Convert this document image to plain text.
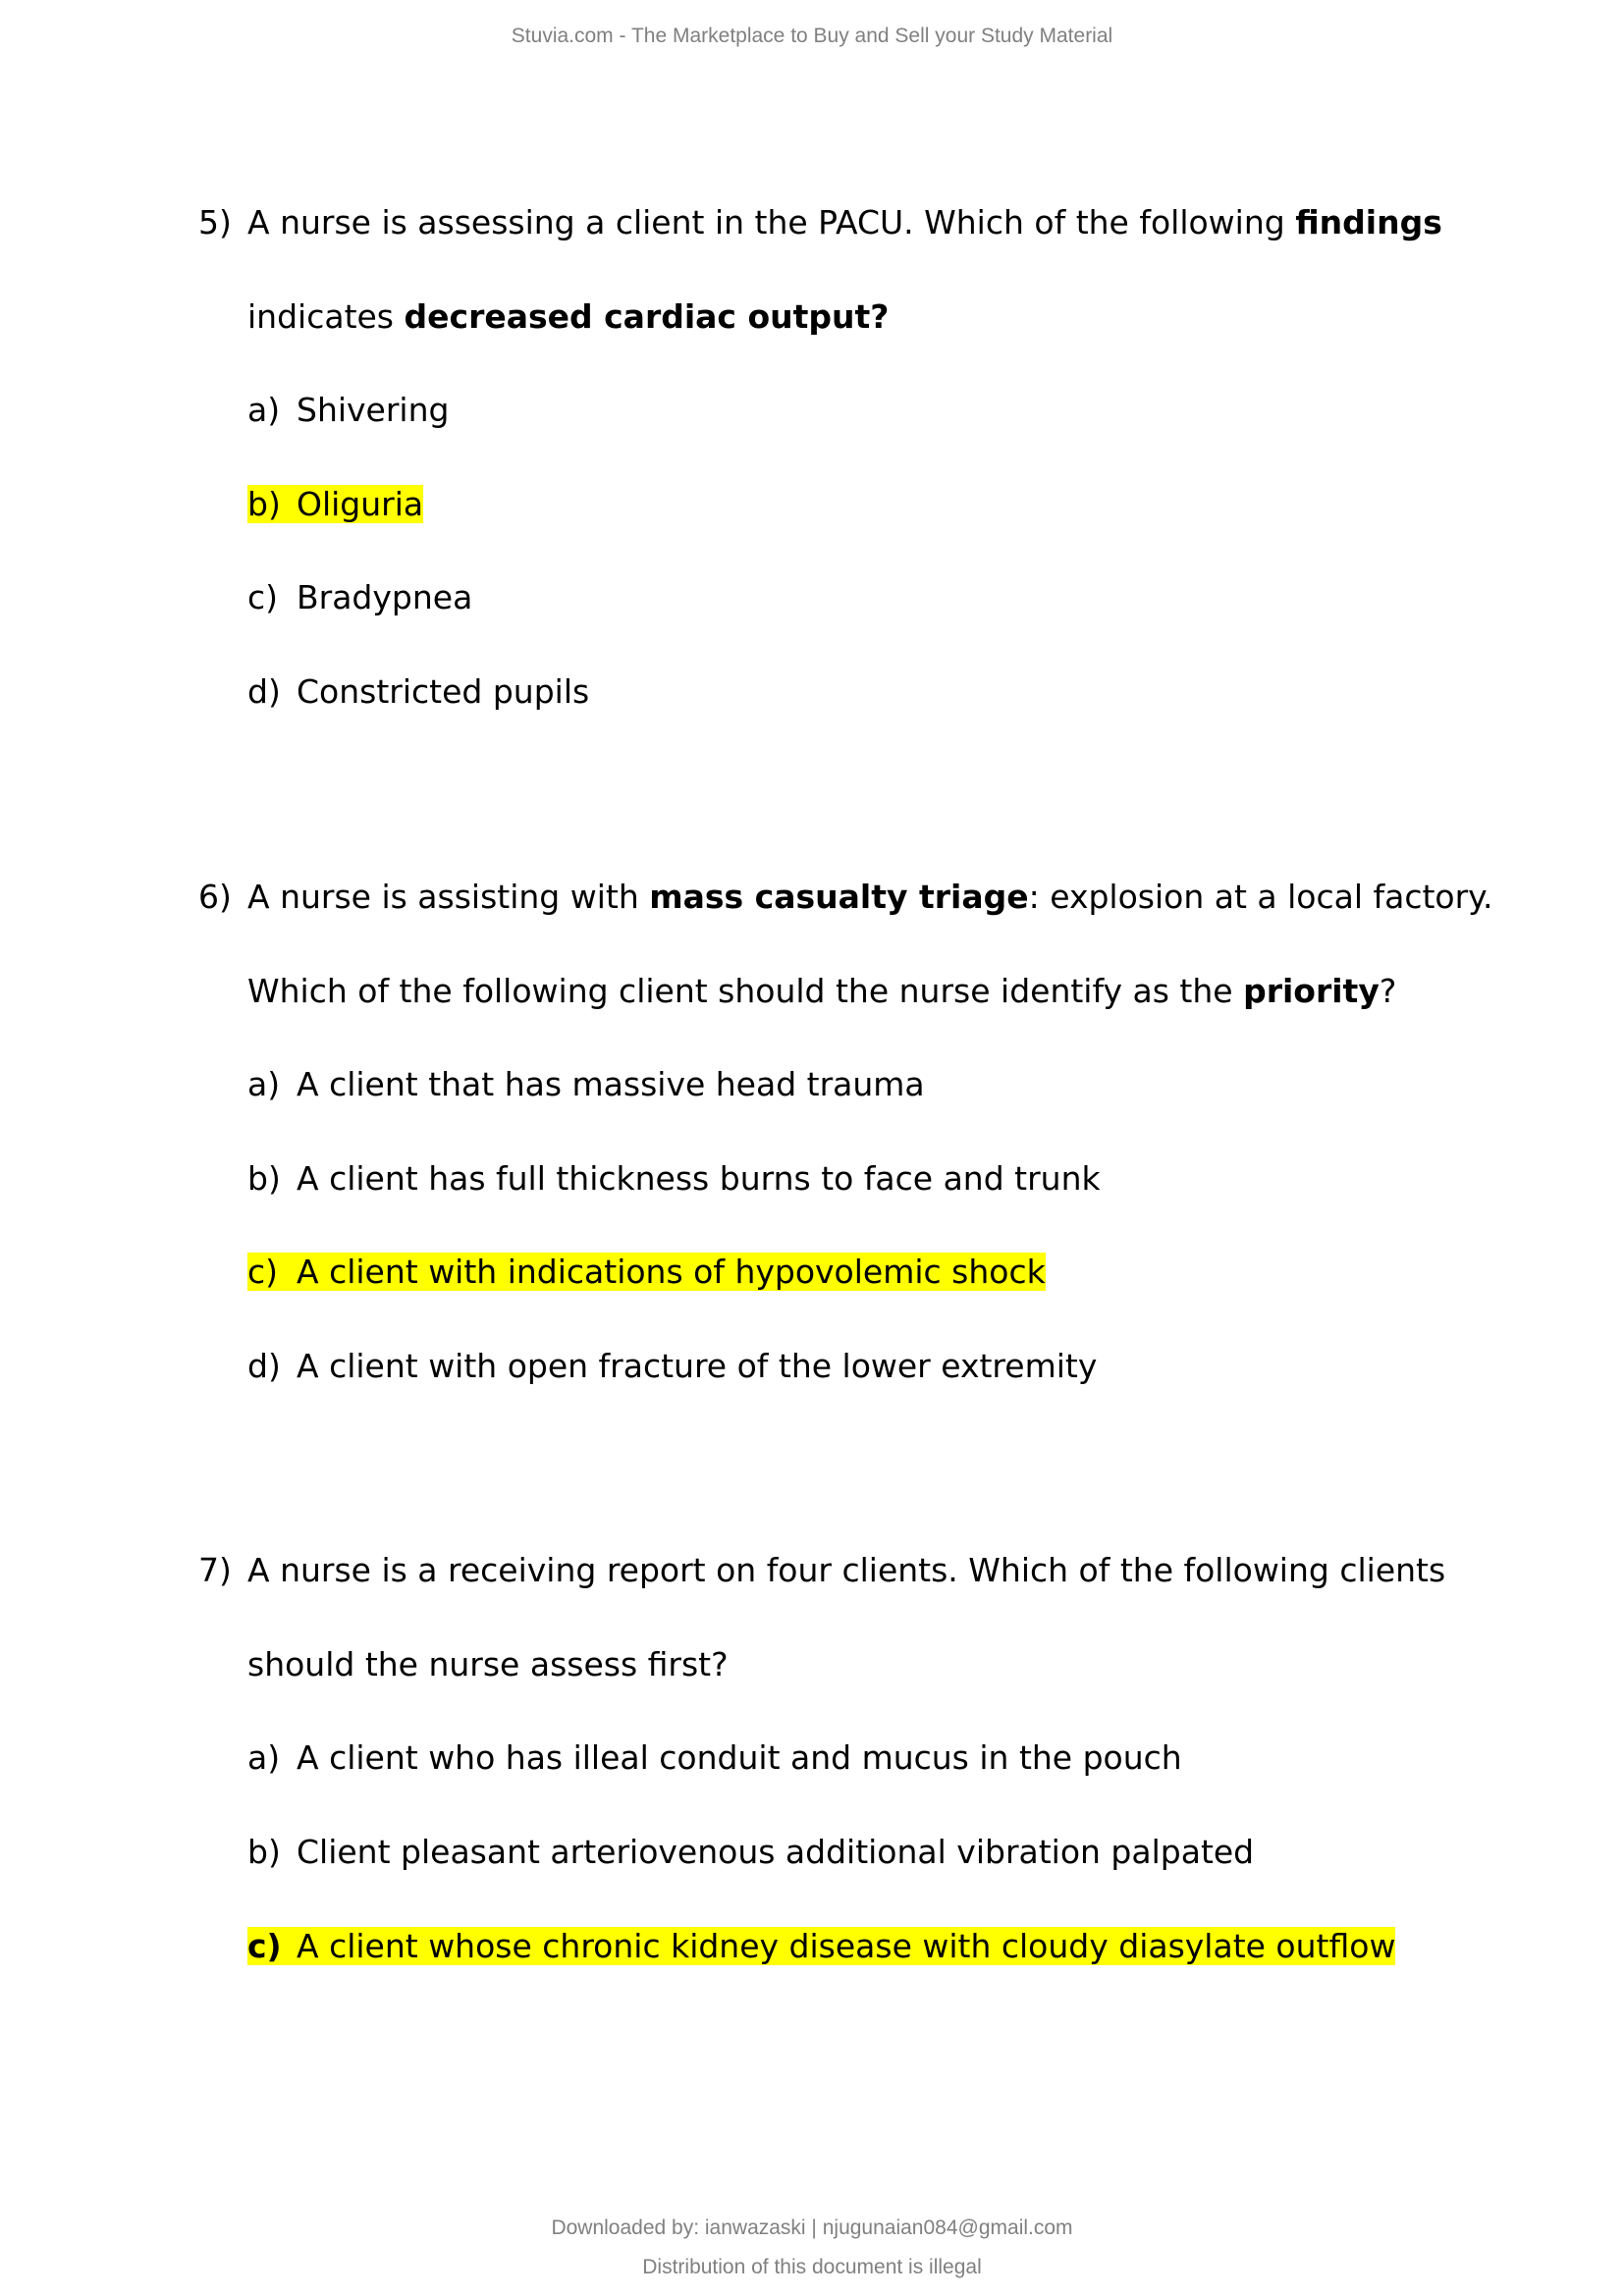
Stuvia.com - The Marketplace to Buy and Sell your Study Material
5) A nurse is assessing a client in the PACU. Which of the following findings
indicates decreased cardiac output?
a) Shivering
b) Oliguria
c) Bradypnea
d) Constricted pupils
6) A nurse is assisting with mass casualty triage: explosion at a local factory.
Which of the following client should the nurse identify as the priority?
a) A client that has massive head trauma
b) A client has full thickness burns to face and trunk
c) A client with indications of hypovolemic shock
d) A client with open fracture of the lower extremity
7) A nurse is a receiving report on four clients. Which of the following clients
should the nurse assess first?
a) A client who has illeal conduit and mucus in the pouch
b) Client pleasant arteriovenous additional vibration palpated
c) A client whose chronic kidney disease with cloudy diasylate outflow
Downloaded by: ianwazaski | njugunaian084@gmail.com
Distribution of this document is illegal
